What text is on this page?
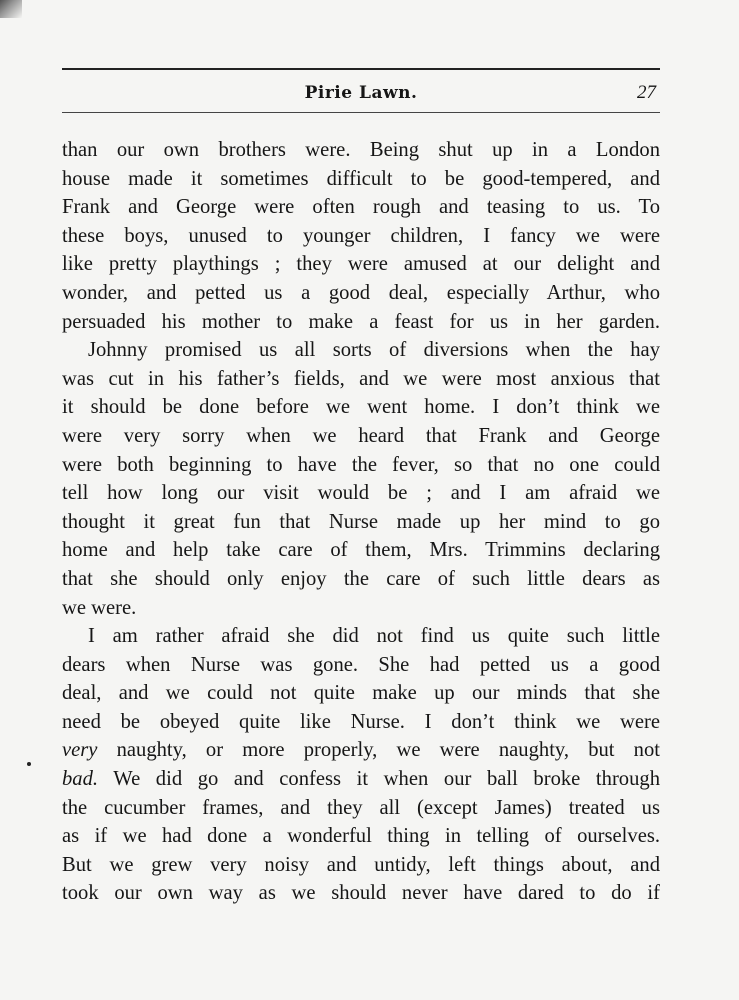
Pirie Lawn.	27
than our own brothers were. Being shut up in a London
house made it sometimes difficult to be good-tempered, and
Frank and George were often rough and teasing to us. To
these boys, unused to younger children, I fancy we were
like pretty playthings ; they were amused at our delight and
wonder, and petted us a good deal, especially Arthur, who
persuaded his mother to make a feast for us in her garden.
Johnny promised us all sorts of diversions when the hay
was cut in his father’s fields, and we were most anxious that
it should be done before we went home. I don’t think we
were very sorry when we heard that Frank and George
were both beginning to have the fever, so that no one could
tell how long our visit would be ; and I am afraid we
thought it great fun that Nurse made up her mind to go
home and help take care of them, Mrs. Trimmins declaring
that she should only enjoy the care of such little dears as
we were.
I am rather afraid she did not find us quite such little
dears when Nurse was gone. She had petted us a good
deal, and we could not quite make up our minds that she
need be obeyed quite like Nurse. I don’t think we were
very naughty, or more properly, we were naughty, but not
bad. We did go and confess it when our ball broke through
the cucumber frames, and they all (except James) treated us
as if we had done a wonderful thing in telling of ourselves.
But we grew very noisy and untidy, left things about, and
took our own way as we should never have dared to do if
